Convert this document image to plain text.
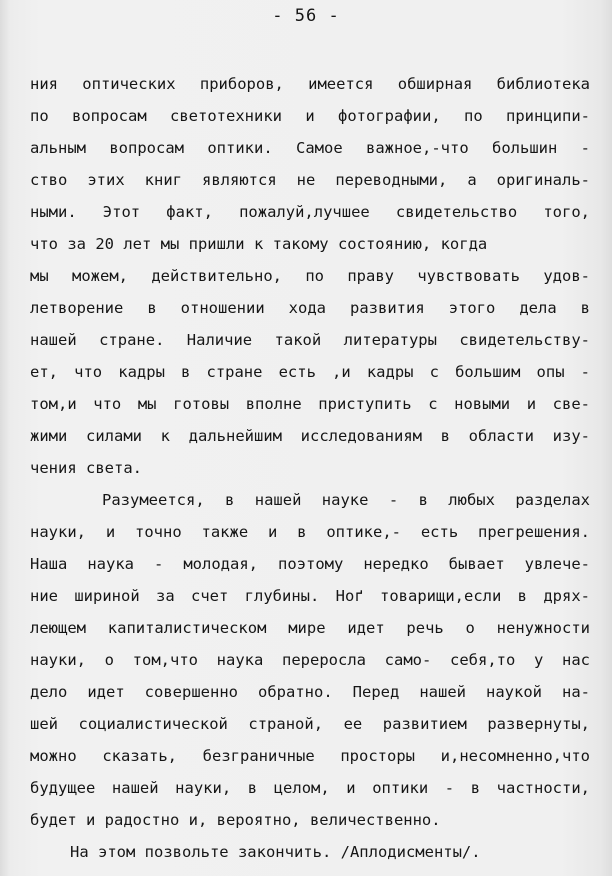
- 56 -
ния оптических приборов, имеется обширная библиотека
по вопросам светотехники и фотографии, по принципи-
альным вопросам оптики. Самое важное,-что большин -
ство этих книг являются не переводными, а оригиналь-
ными. Этот факт, пожалуй,лучшее свидетельство того,
что за 20 лет мы пришли к такому состоянию, когда
мы можем, действительно, по праву чувствовать удов-
летворение в отношении хода развития этого дела в
нашей стране. Наличие такой литературы свидетельству-
ет, что кадры в стране есть ,и кадры с большим опы -
том,и что мы готовы вполне приступить с новыми и све-
жими силами к дальнейшим исследованиям в области изу-
чения света.
Разумеется, в нашей науке - в любых разделах
науки, и точно также и в оптике,- есть прегрешения.
Наша наука - молодая, поэтому нередко бывает увлече-
ние шириной за счет глубины. Ноґ товарищи,если в дрях-
леющем капиталистическом мире идет речь о ненужности
науки, о том,что наука переросла само- себя,то у нас
дело идет совершенно обратно. Перед нашей наукой на-
шей социалистической страной, ее развитием развернуты,
можно сказать, безграничные просторы и,несомненно,что
будущее нашей науки, в целом, и оптики - в частности,
будет и радостно и, вероятно, величественно.
На этом позвольте закончить. /Аплодисменты/.
